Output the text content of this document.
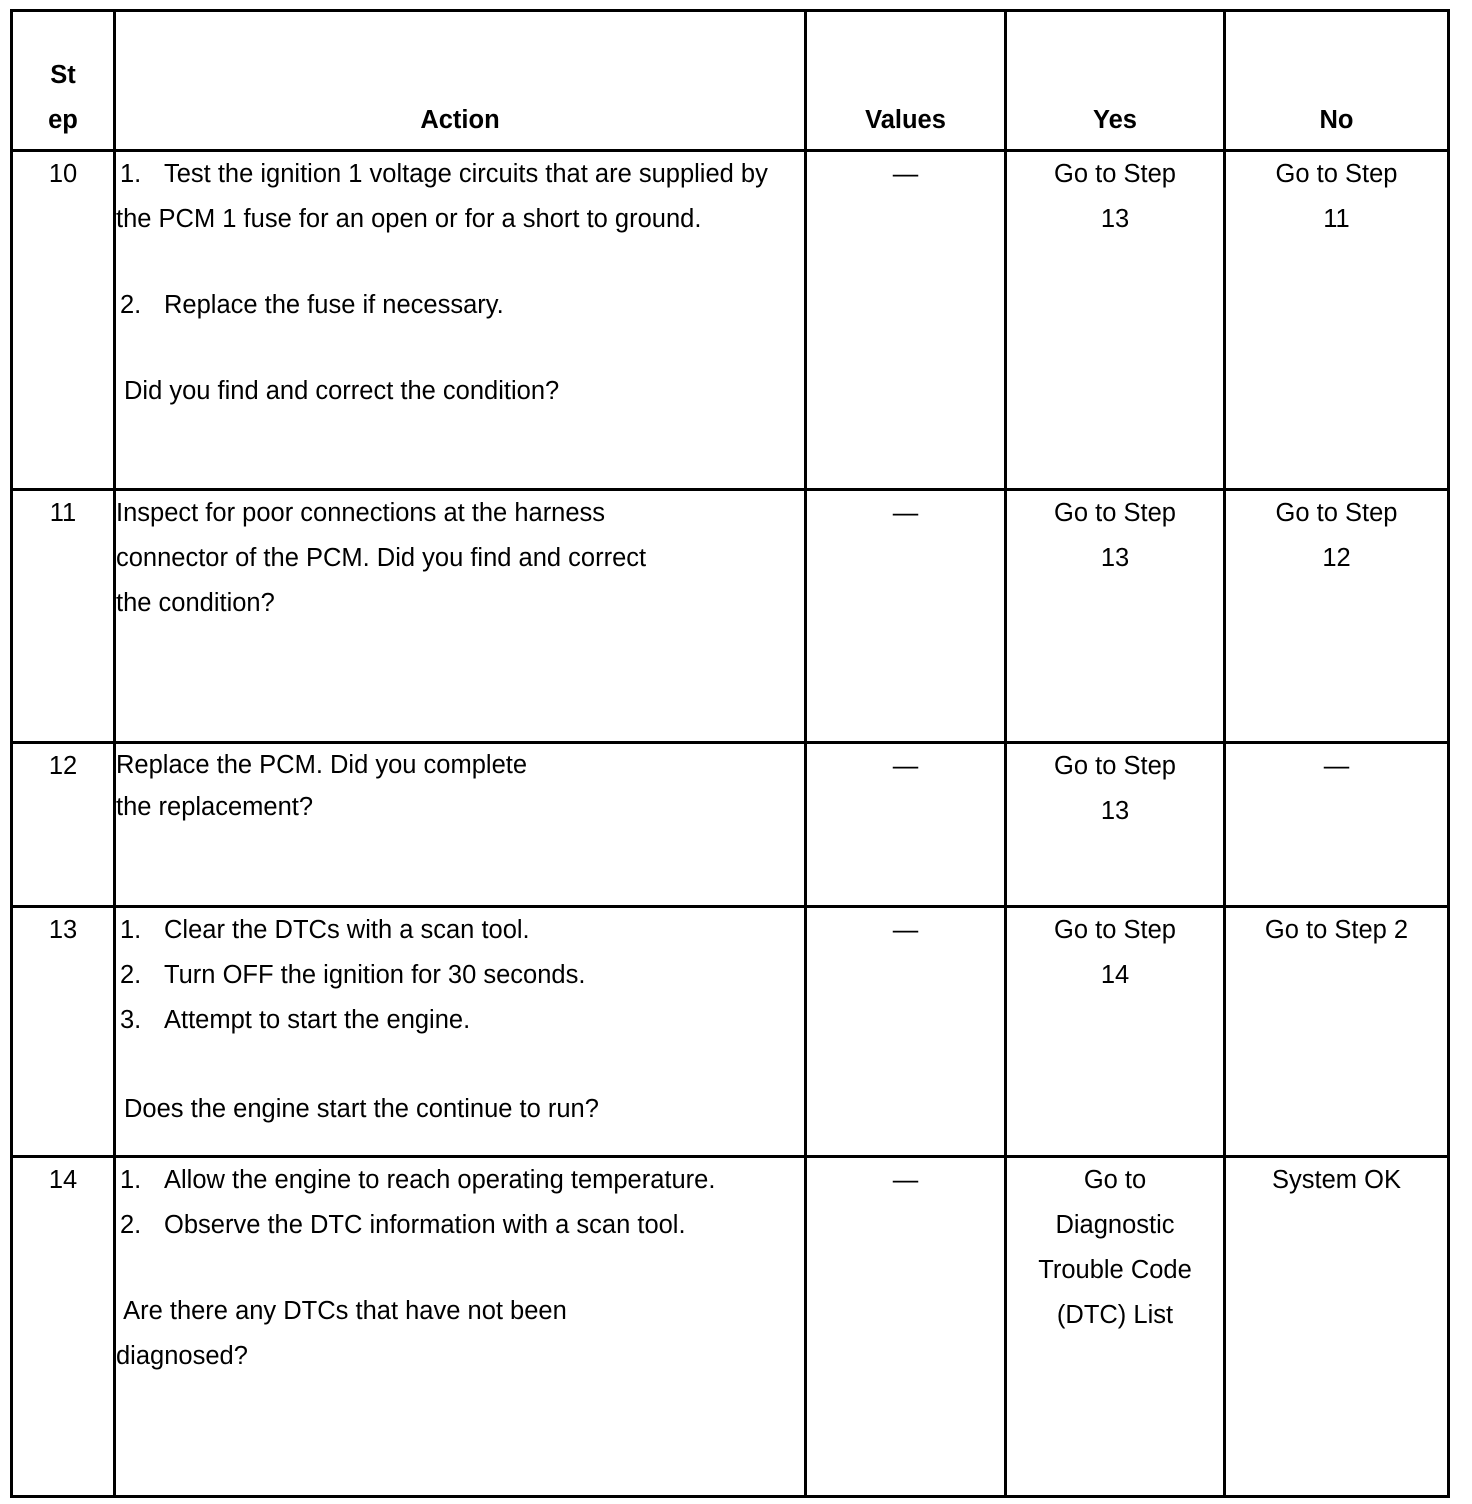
St
ep	Action	Values	Yes	No
10	1. Test the ignition 1 voltage circuits that are supplied by the PCM 1 fuse for an open or for a short to ground.
2. Replace the fuse if necessary.
Did you find and correct the condition?	—	Go to Step 13	Go to Step 11

11	Inspect for poor connections at the harness connector of the PCM. Did you find and correct the condition?	—	Go to Step 13	Go to Step 12

12	Replace the PCM. Did you complete
the replacement?	—	Go to Step 13	—

13	1. Clear the DTCs with a scan tool.
2. Turn OFF the ignition for 30 seconds.
3. Attempt to start the engine.
Does the engine start the continue to run?	—	Go to Step 14	Go to Step 2

14	1. Allow the engine to reach operating temperature.
2. Observe the DTC information with a scan tool.
Are there any DTCs that have not been diagnosed?	—	Go to Diagnostic Trouble Code (DTC) List	System OK
